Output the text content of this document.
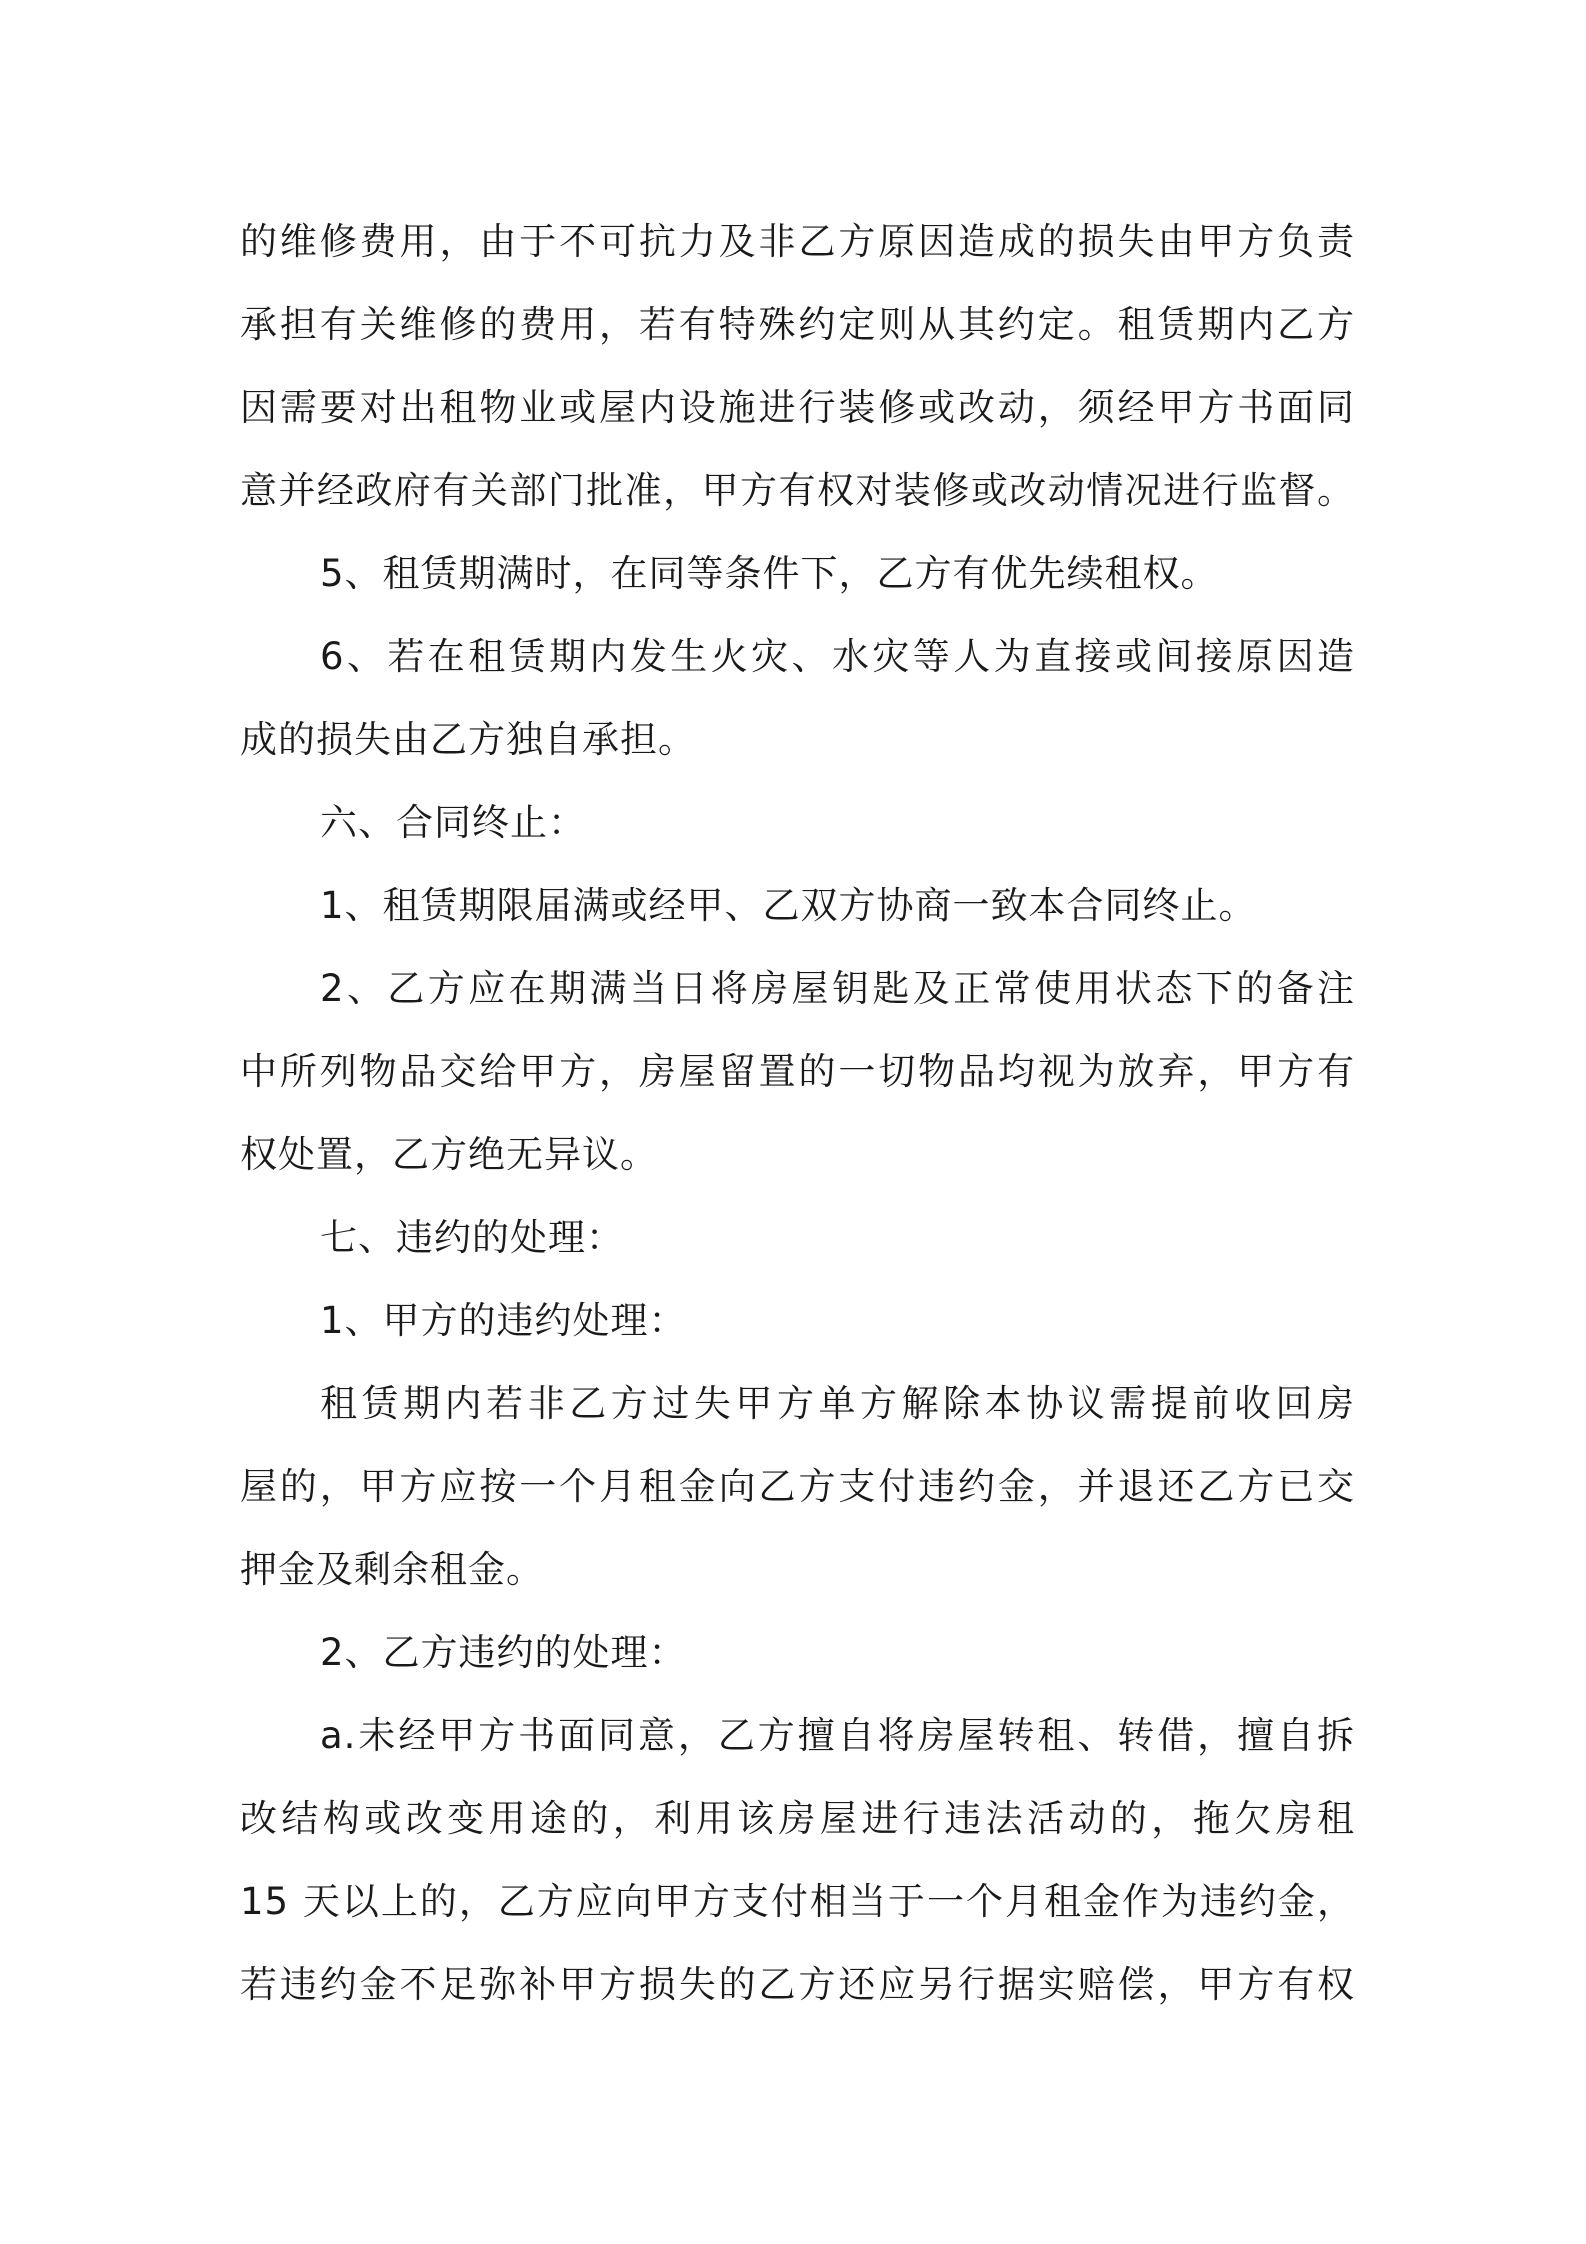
的维修费用，由于不可抗力及非乙方原因造成的损失由甲方负责
承担有关维修的费用，若有特殊约定则从其约定。租赁期内乙方
因需要对出租物业或屋内设施进行装修或改动，须经甲方书面同
意并经政府有关部门批准，甲方有权对装修或改动情况进行监督。
5、租赁期满时，在同等条件下，乙方有优先续租权。
6、若在租赁期内发生火灾、水灾等人为直接或间接原因造
成的损失由乙方独自承担。
六、合同终止：
1、租赁期限届满或经甲、乙双方协商一致本合同终止。
2、乙方应在期满当日将房屋钥匙及正常使用状态下的备注
中所列物品交给甲方，房屋留置的一切物品均视为放弃，甲方有
权处置，乙方绝无异议。
七、违约的处理：
1、甲方的违约处理：
租赁期内若非乙方过失甲方单方解除本协议需提前收回房
屋的，甲方应按一个月租金向乙方支付违约金，并退还乙方已交
押金及剩余租金。
2、乙方违约的处理：
a.未经甲方书面同意，乙方擅自将房屋转租、转借，擅自拆
改结构或改变用途的，利用该房屋进行违法活动的，拖欠房租
15 天以上的，乙方应向甲方支付相当于一个月租金作为违约金，
若违约金不足弥补甲方损失的乙方还应另行据实赔偿，甲方有权
